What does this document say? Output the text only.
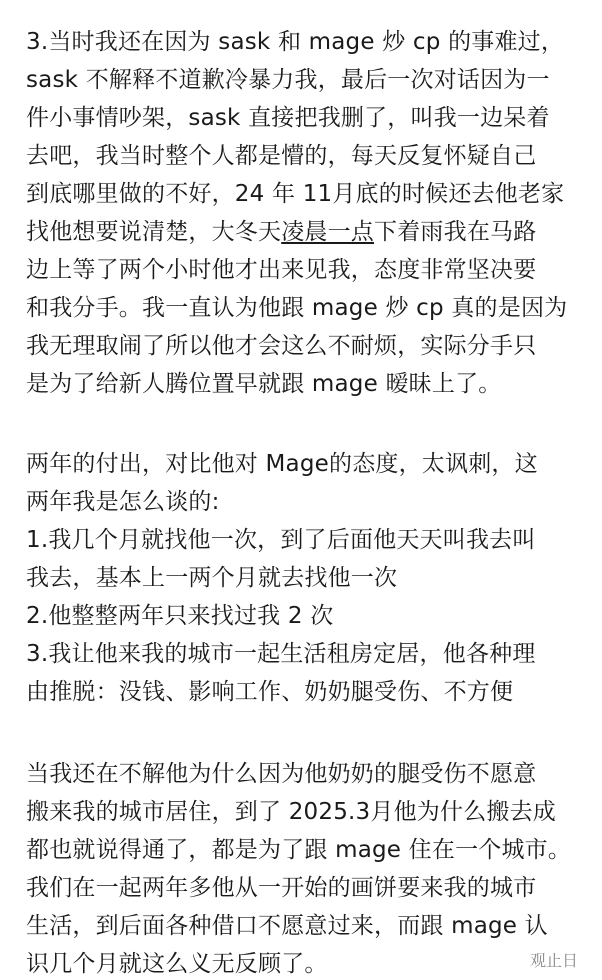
3.当时我还在因为 sask 和 mage 炒 cp 的事难过，
sask 不解释不道歉冷暴力我，最后一次对话因为一
件小事情吵架，sask 直接把我删了，叫我一边呆着
去吧，我当时整个人都是懵的，每天反复怀疑自己
到底哪里做的不好，24 年 11月底的时候还去他老家
找他想要说清楚，大冬天凌晨一点下着雨我在马路
边上等了两个小时他才出来见我，态度非常坚决要
和我分手。我一直认为他跟 mage 炒 cp 真的是因为
我无理取闹了所以他才会这么不耐烦，实际分手只
是为了给新人腾位置早就跟 mage 暧昧上了。
两年的付出，对比他对 Mage的态度，太讽刺，这
两年我是怎么谈的:
1.我几个月就找他一次，到了后面他天天叫我去叫
我去，基本上一两个月就去找他一次
2.他整整两年只来找过我 2 次
3.我让他来我的城市一起生活租房定居，他各种理
由推脱：没钱、影响工作、奶奶腿受伤、不方便
当我还在不解他为什么因为他奶奶的腿受伤不愿意
搬来我的城市居住，到了 2025.3月他为什么搬去成
都也就说得通了，都是为了跟 mage 住在一个城市。
我们在一起两年多他从一开始的画饼要来我的城市
生活，到后面各种借口不愿意过来，而跟 mage 认
识几个月就这么义无反顾了。	观止日
